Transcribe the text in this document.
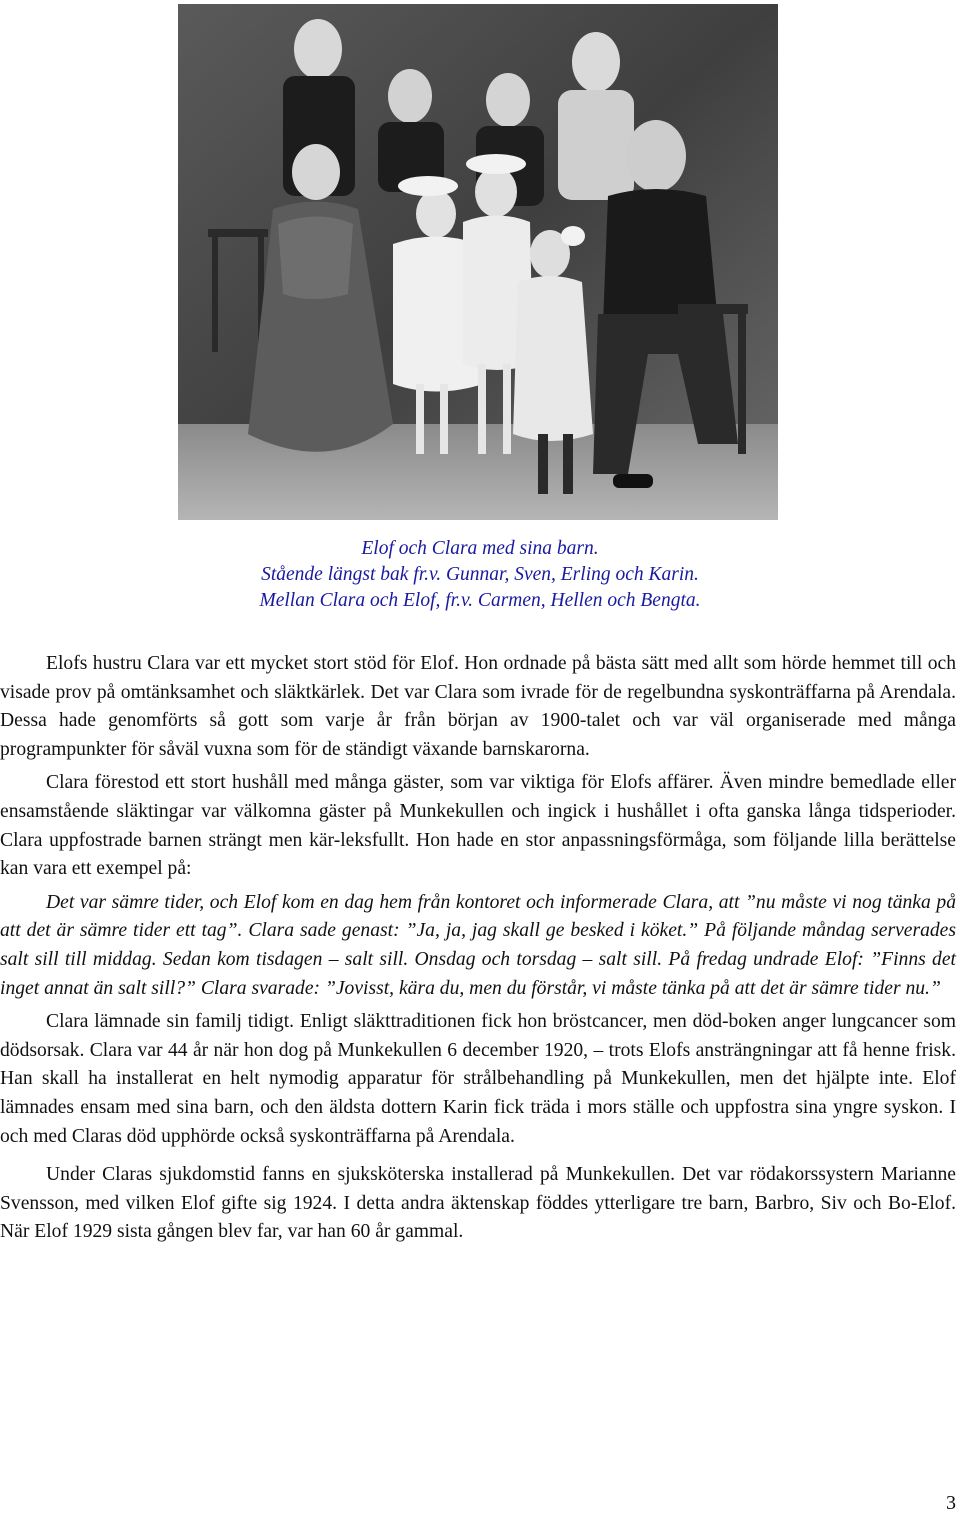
Elof och Clara med sina barn.
Stående längst bak fr.v. Gunnar, Sven, Erling och Karin.
Mellan Clara och Elof, fr.v. Carmen, Hellen och Bengta.

Elofs hustru Clara var ett mycket stort stöd för Elof. Hon ordnade på bästa sätt med allt som hörde hemmet till och visade prov på omtänksamhet och släktkärlek. Det var Clara som ivrade för de regelbundna syskonträffarna på Arendala. Dessa hade genomförts så gott som varje år från början av 1900-talet och var väl organiserade med många programpunkter för såväl vuxna som för de ständigt växande barnskarorna.

Clara förestod ett stort hushåll med många gäster, som var viktiga för Elofs affärer. Även mindre bemedlade eller ensamstående släktingar var välkomna gäster på Munkekullen och ingick i hushållet i ofta ganska långa tidsperioder. Clara uppfostrade barnen strängt men kär-leksfullt. Hon hade en stor anpassningsförmåga, som följande lilla berättelse kan vara ett exempel på:

Det var sämre tider, och Elof kom en dag hem från kontoret och informerade Clara, att ”nu måste vi nog tänka på att det är sämre tider ett tag”. Clara sade genast: ”Ja, ja, jag skall ge besked i köket.” På följande måndag serverades salt sill till middag. Sedan kom tisdagen – salt sill. Onsdag och torsdag – salt sill. På fredag undrade Elof: ”Finns det inget annat än salt sill?” Clara svarade: ”Jovisst, kära du, men du förstår, vi måste tänka på att det är sämre tider nu.”

Clara lämnade sin familj tidigt. Enligt släkttraditionen fick hon bröstcancer, men död-boken anger lungcancer som dödsorsak. Clara var 44 år när hon dog på Munkekullen 6 december 1920, – trots Elofs ansträngningar att få henne frisk. Han skall ha installerat en helt nymodig apparatur för strålbehandling på Munkekullen, men det hjälpte inte. Elof lämnades ensam med sina barn, och den äldsta dottern Karin fick träda i mors ställe och uppfostra sina yngre syskon. I och med Claras död upphörde också syskonträffarna på Arendala.

Under Claras sjukdomstid fanns en sjuksköterska installerad på Munkekullen. Det var rödakorssystern Marianne Svensson, med vilken Elof gifte sig 1924. I detta andra äktenskap föddes ytterligare tre barn, Barbro, Siv och Bo-Elof. När Elof 1929 sista gången blev far, var han 60 år gammal.

3
